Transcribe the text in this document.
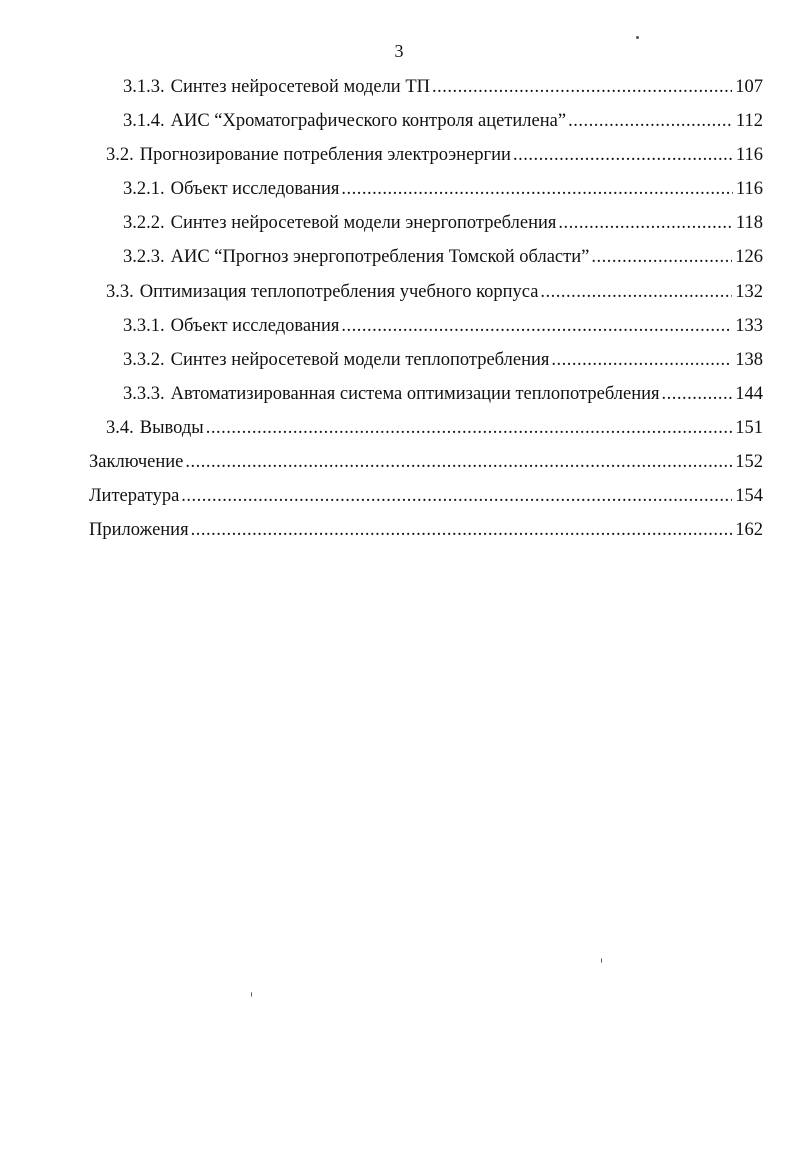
3
3.1.3. Синтез нейросетевой модели ТП .....	107
3.1.4. АИС “Хроматографического контроля ацетилена” .....	112
3.2. Прогнозирование потребления электроэнергии .....	116
3.2.1. Объект исследования .....	116
3.2.2. Синтез нейросетевой модели энергопотребления .....	118
3.2.3. АИС “Прогноз энергопотребления Томской области” .....	126
3.3. Оптимизация теплопотребления учебного корпуса .....	132
3.3.1. Объект исследования .....	133
3.3.2. Синтез нейросетевой модели теплопотребления .....	138
3.3.3. Автоматизированная система оптимизации теплопотребления .....	144
3.4. Выводы .....	151
Заключение .....	152
Литература .....	154
Приложения .....	162
